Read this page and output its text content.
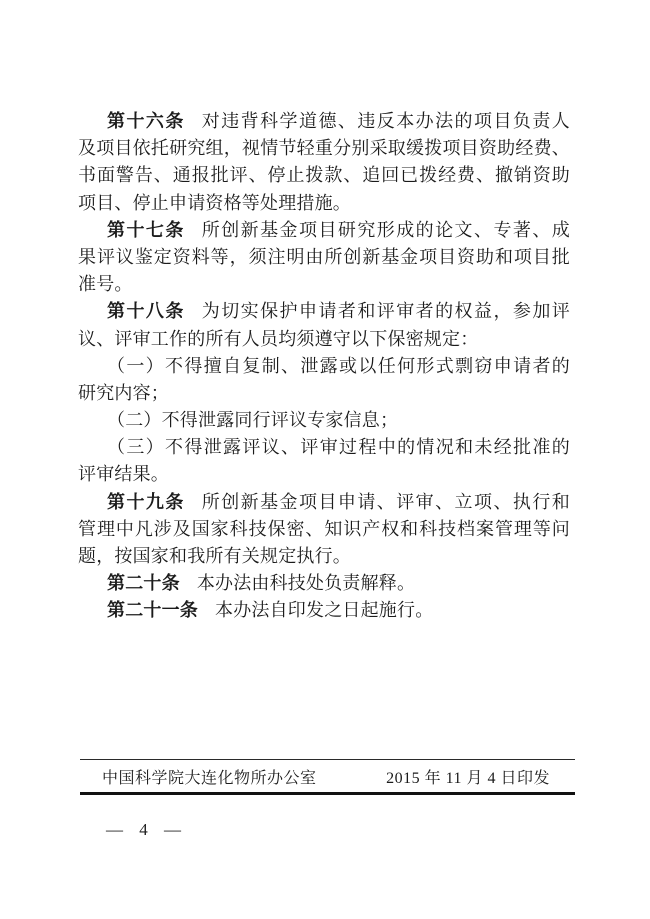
第十六条 对违背科学道德、违反本办法的项目负责人
及项目依托研究组，视情节轻重分别采取缓拨项目资助经费、
书面警告、通报批评、停止拨款、追回已拨经费、撤销资助
项目、停止申请资格等处理措施。
第十七条 所创新基金项目研究形成的论文、专著、成
果评议鉴定资料等，须注明由所创新基金项目资助和项目批
准号。
第十八条 为切实保护申请者和评审者的权益，参加评
议、评审工作的所有人员均须遵守以下保密规定：
（一）不得擅自复制、泄露或以任何形式剽窃申请者的
研究内容；
（二）不得泄露同行评议专家信息；
（三）不得泄露评议、评审过程中的情况和未经批准的
评审结果。
第十九条 所创新基金项目申请、评审、立项、执行和
管理中凡涉及国家科技保密、知识产权和科技档案管理等问
题，按国家和我所有关规定执行。
第二十条 本办法由科技处负责解释。
第二十一条 本办法自印发之日起施行。
中国科学院大连化物所办公室	2015 年 11 月 4 日印发
— 4 —
